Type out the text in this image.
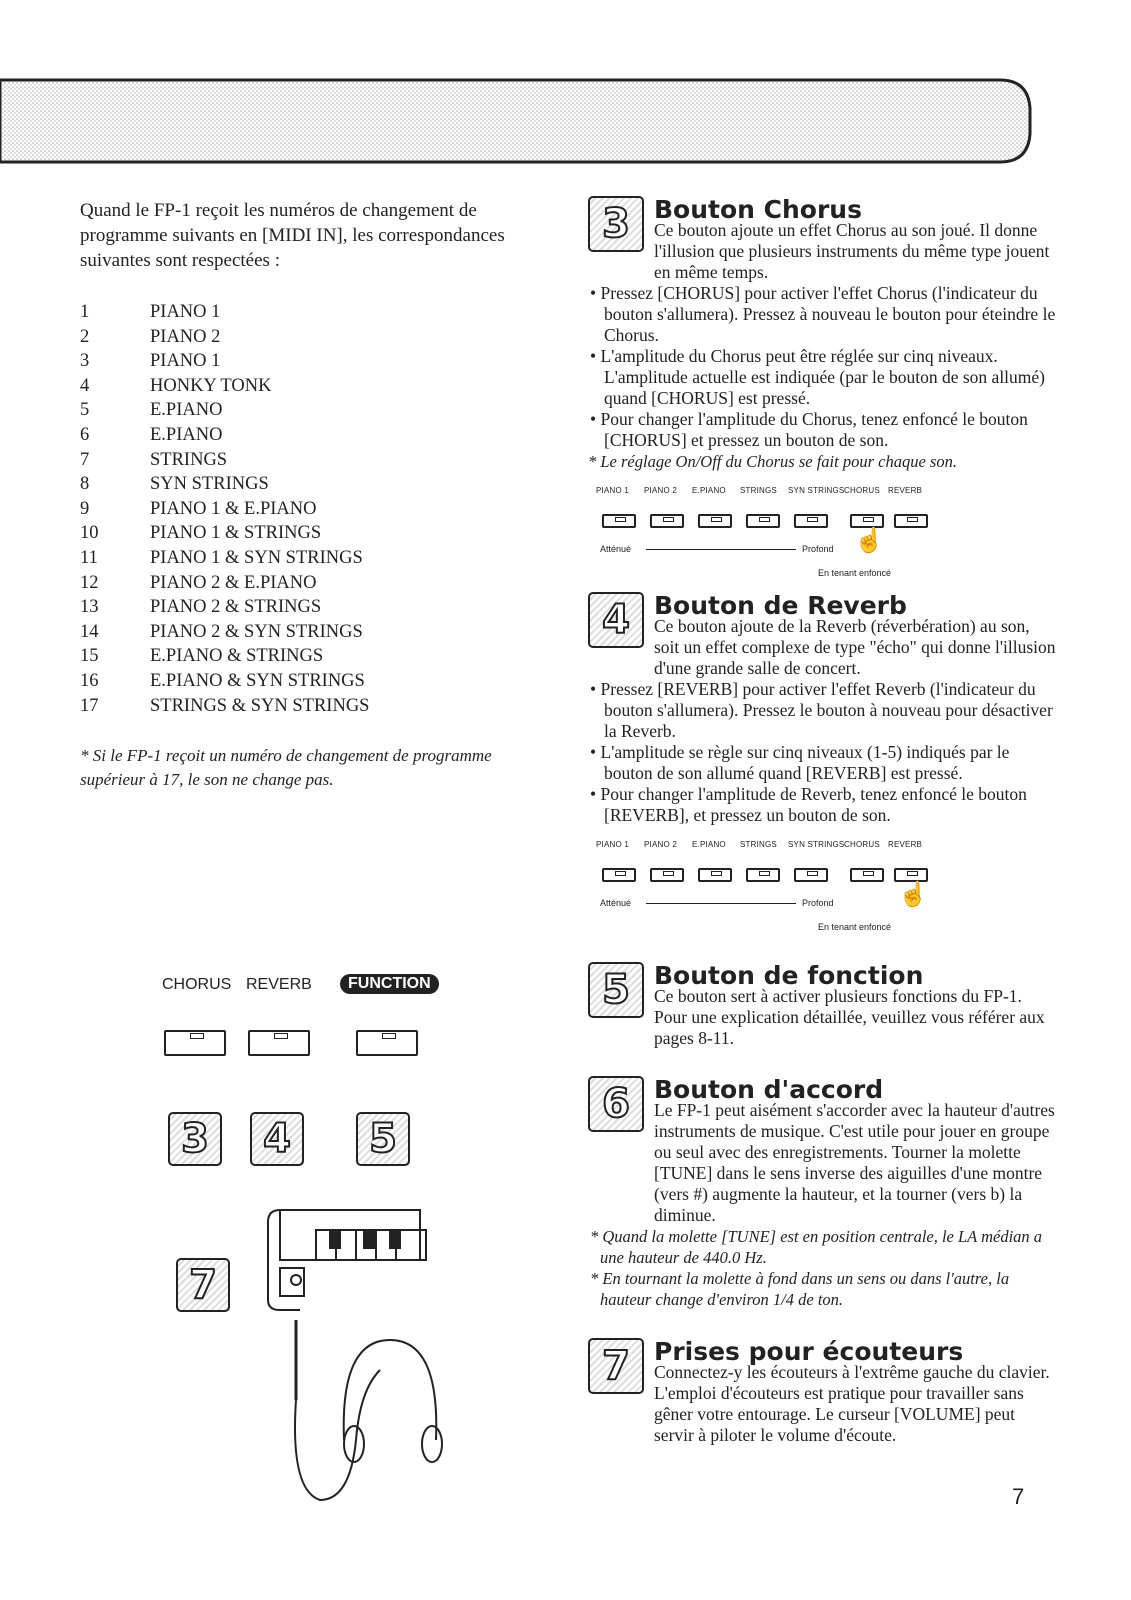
Quand le FP-1 reçoit les numéros de changement de programme suivants en [MIDI IN], les correspondances suivantes sont respectées :
1	PIANO 1
2	PIANO 2
3	PIANO 1
4	HONKY TONK
5	E.PIANO
6	E.PIANO
7	STRINGS
8	SYN STRINGS
9	PIANO 1 & E.PIANO
10	PIANO 1 & STRINGS
11	PIANO 1 & SYN STRINGS
12	PIANO 2 & E.PIANO
13	PIANO 2 & STRINGS
14	PIANO 2 & SYN STRINGS
15	E.PIANO & STRINGS
16	E.PIANO & SYN STRINGS
17	STRINGS & SYN STRINGS
* Si le FP-1 reçoit un numéro de changement de programme supérieur à 17, le son ne change pas.
3 Bouton Chorus
Ce bouton ajoute un effet Chorus au son joué. Il donne l'illusion que plusieurs instruments du même type jouent en même temps.
• Pressez [CHORUS] pour activer l'effet Chorus (l'indicateur du bouton s'allumera). Pressez à nouveau le bouton pour éteindre le Chorus.
• L'amplitude du Chorus peut être réglée sur cinq niveaux. L'amplitude actuelle est indiquée (par le bouton de son allumé) quand [CHORUS] est pressé.
• Pour changer l'amplitude du Chorus, tenez enfoncé le bouton [CHORUS] et pressez un bouton de son.
* Le réglage On/Off du Chorus se fait pour chaque son.
PIANO 1 PIANO 2 E.PIANO STRINGS SYN STRINGS CHORUS REVERB
Atténué	Profond ☝
En tenant enfoncé
4 Bouton de Reverb
Ce bouton ajoute de la Reverb (réverbération) au son, soit un effet complexe de type "écho" qui donne l'illusion d'une grande salle de concert.
• Pressez [REVERB] pour activer l'effet Reverb (l'indicateur du bouton s'allumera). Pressez le bouton à nouveau pour désactiver la Reverb.
• L'amplitude se règle sur cinq niveaux (1-5) indiqués par le bouton de son allumé quand [REVERB] est pressé.
• Pour changer l'amplitude de Reverb, tenez enfoncé le bouton [REVERB], et pressez un bouton de son.
PIANO 1 PIANO 2 E.PIANO STRINGS SYN STRINGS CHORUS REVERB
Atténué	Profond	☝
En tenant enfoncé
5 Bouton de fonction
Ce bouton sert à activer plusieurs fonctions du FP-1. Pour une explication détaillée, veuillez vous référer aux pages 8-11.
6 Bouton d'accord
Le FP-1 peut aisément s'accorder avec la hauteur d'autres instruments de musique. C'est utile pour jouer en groupe ou seul avec des enregistrements. Tourner la molette [TUNE] dans le sens inverse des aiguilles d'une montre (vers #) augmente la hauteur, et la tourner (vers b) la diminue.
* Quand la molette [TUNE] est en position centrale, le LA médian a une hauteur de 440.0 Hz.
* En tournant la molette à fond dans un sens ou dans l'autre, la hauteur change d'environ 1/4 de ton.
7 Prises pour écouteurs
Connectez-y les écouteurs à l'extrême gauche du clavier. L'emploi d'écouteurs est pratique pour travailler sans gêner votre entourage. Le curseur [VOLUME] peut servir à piloter le volume d'écoute.
CHORUS REVERB	FUNCTION
3	4	5
7
7
